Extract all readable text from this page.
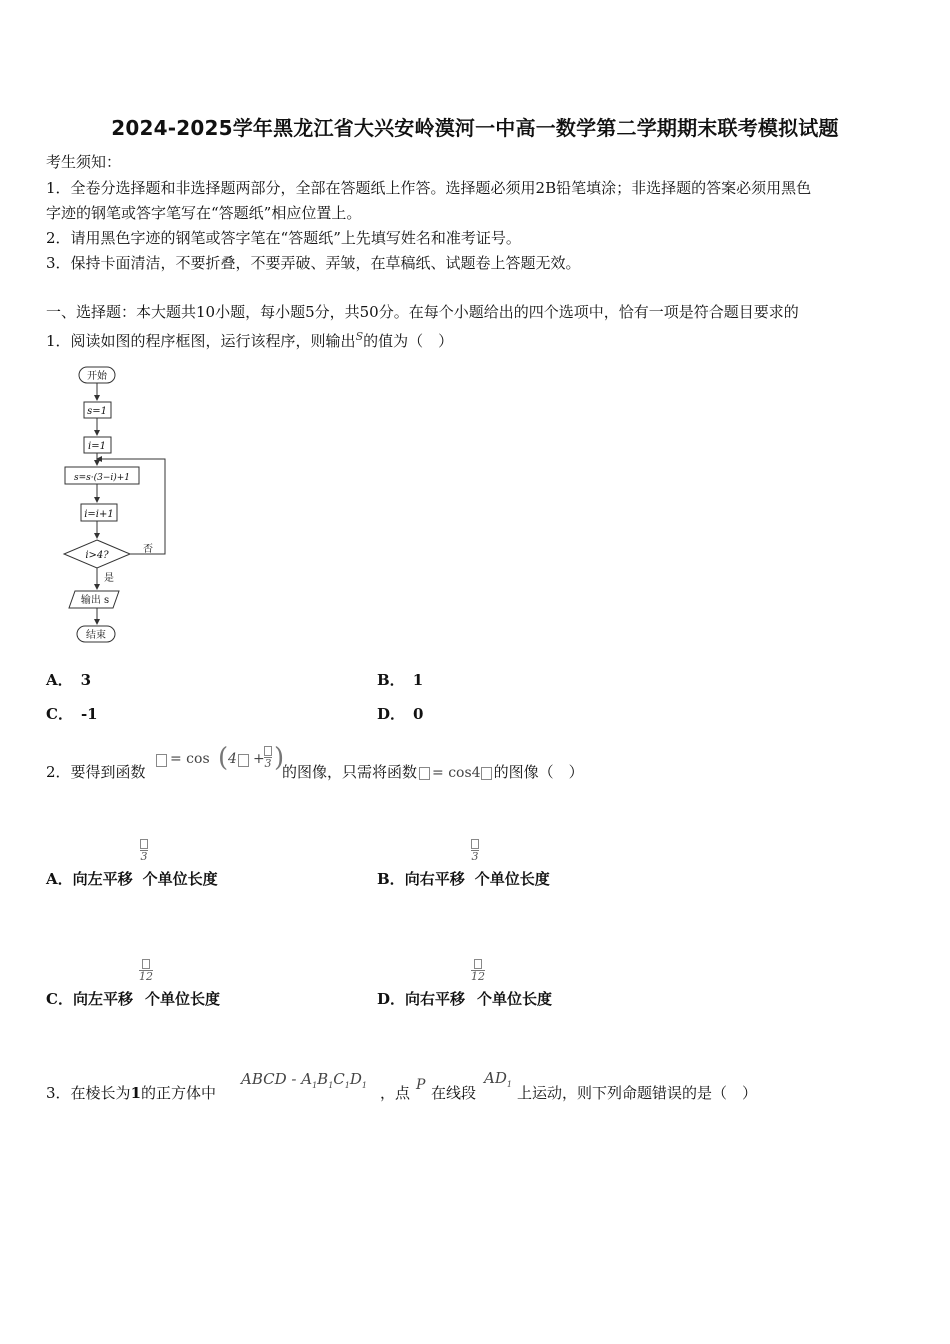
2024-2025学年黑龙江省大兴安岭漠河一中高一数学第二学期期末联考模拟试题
考生须知：
1．全卷分选择题和非选择题两部分，全部在答题纸上作答。选择题必须用2B铅笔填涂；非选择题的答案必须用黑色
字迹的钢笔或答字笔写在“答题纸”相应位置上。
2．请用黑色字迹的钢笔或答字笔在“答题纸”上先填写姓名和准考证号。
3．保持卡面清洁，不要折叠，不要弄破、弄皱，在草稿纸、试题卷上答题无效。
一、选择题：本大题共10小题，每小题5分，共50分。在每个小题给出的四个选项中，恰有一项是符合题目要求的
1．阅读如图的程序框图，运行该程序，则输出$^S$的值为（　）
开始
s=1
i=1
s=s·(3−i)+1
i=i+1
i>4?
否
是
输出 s
结束
A． 3	B． 1
C． -1	D． 0
2．要得到函数
= cos ( 4 + 3 )
的图像，只需将函数 = cos4 的图像（　）
A．向左平移 个单位长度
3
B．向右平移 个单位长度
3
C．向左平移 个单位长度
12
D．向右平移 个单位长度
12
3．在棱长为1的正方体中
ABCD - $A_1B_1C_1D_1$ ，点 P 在线段
$AD_1$ 上运动，则下列命题错误的是（　）
